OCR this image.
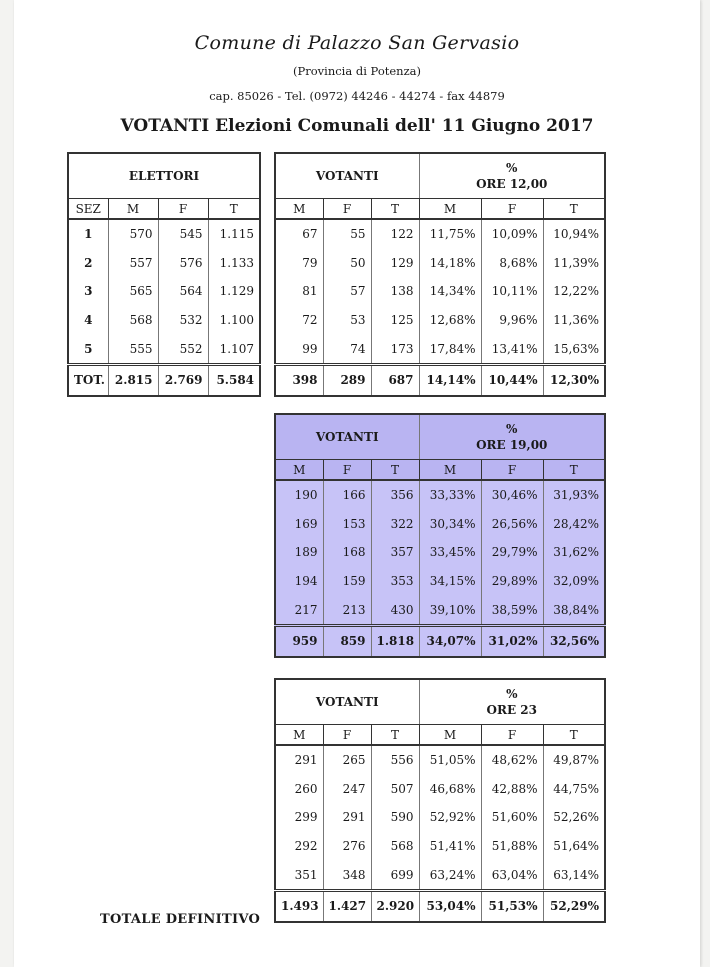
Comune di Palazzo San Gervasio
(Provincia di Potenza)
cap. 85026 - Tel. (0972) 44246 - 44274 - fax 44879
VOTANTI Elezioni Comunali dell' 11 Giugno 2017
ELETTORI			
SEZ	M	F	T
1	570	545	1.115
2	557	576	1.133
3	565	564	1.129
4	568	532	1.100
5	555	552	1.107
TOT.	2.815	2.769	5.584
VOTANTI			%
ORE 12,00		

M	F	T	M	F	T
67	55	122	11,75%	10,09%	10,94%
79	50	129	14,18%	8,68%	11,39%
81	57	138	14,34%	10,11%	12,22%
72	53	125	12,68%	9,96%	11,36%
99	74	173	17,84%	13,41%	15,63%
398	289	687	14,14%	10,44%	12,30%
VOTANTI			%
ORE 19,00		

M	F	T	M	F	T
190	166	356	33,33%	30,46%	31,93%
169	153	322	30,34%	26,56%	28,42%
189	168	357	33,45%	29,79%	31,62%
194	159	353	34,15%	29,89%	32,09%
217	213	430	39,10%	38,59%	38,84%
959	859	1.818	34,07%	31,02%	32,56%
VOTANTI			%
ORE 23		

M	F	T	M	F	T
291	265	556	51,05%	48,62%	49,87%
260	247	507	46,68%	42,88%	44,75%
299	291	590	52,92%	51,60%	52,26%
292	276	568	51,41%	51,88%	51,64%
351	348	699	63,24%	63,04%	63,14%
1.493	1.427	2.920	53,04%	51,53%	52,29%
TOTALE DEFINITIVO
